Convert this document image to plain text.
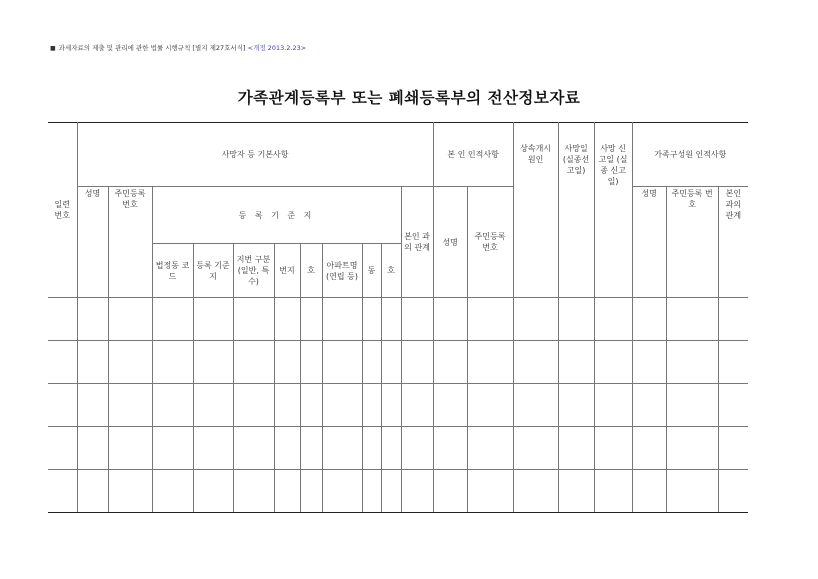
■ 과세자료의 제출 및 관리에 관한 법률 시행규칙 [별지 제27호서식] <개정 2013.2.23>
가족관계등록부 또는 폐쇄등록부의 전산정보자료
일련 번호	사망자 등 기본사항											본 인 인적사항		상속개시 원인	사망일 (실종선고일)	사망 신고일 (실종 신고일)	가족구성원 인적사항		
	성명	주민등록 번호	등 록 기 준 지								본인 과의 관계	성명	주민등록 번호				성명	주민등록 번호	본인 과의 관계
			법정동 코드	등록 기준지	지번 구분 (일반, 특수)	번지	호	아파트명 (연립 등)	동	호									
